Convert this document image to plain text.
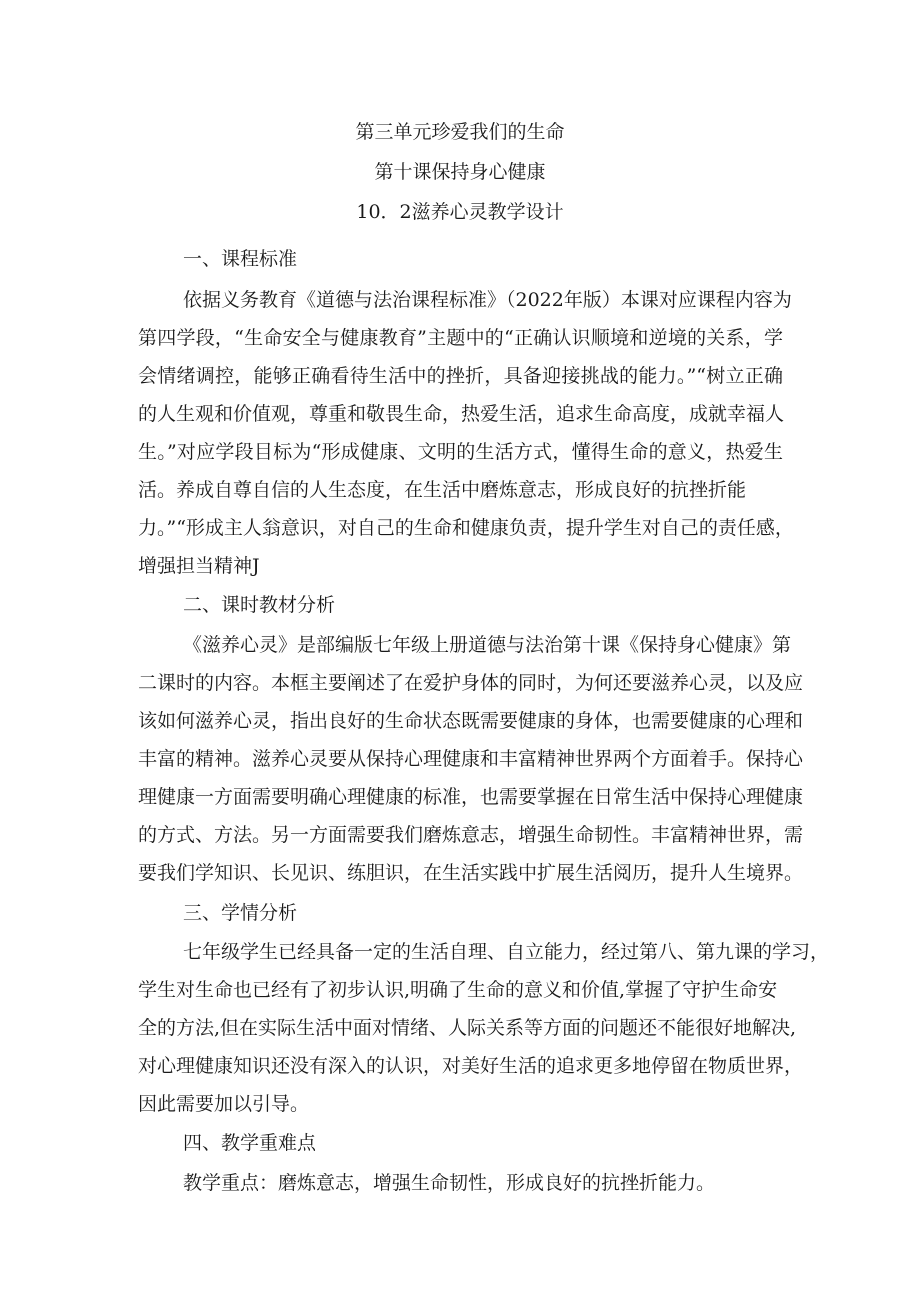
第三单元珍爱我们的生命
第十课保持身心健康
10．2滋养心灵教学设计
一、课程标准
依据义务教育《道德与法治课程标准》（2022年版）本课对应课程内容为
第四学段，“生命安全与健康教育”主题中的“正确认识顺境和逆境的关系，学
会情绪调控，能够正确看待生活中的挫折，具备迎接挑战的能力。”“树立正确
的人生观和价值观，尊重和敬畏生命，热爱生活，追求生命高度，成就幸福人
生。”对应学段目标为“形成健康、文明的生活方式，懂得生命的意义，热爱生
活。养成自尊自信的人生态度，在生活中磨炼意志，形成良好的抗挫折能
力。”“形成主人翁意识，对自己的生命和健康负责，提升学生对自己的责任感，
增强担当精神J
二、课时教材分析
《滋养心灵》是部编版七年级上册道德与法治第十课《保持身心健康》第
二课时的内容。本框主要阐述了在爱护身体的同时，为何还要滋养心灵，以及应
该如何滋养心灵，指出良好的生命状态既需要健康的身体，也需要健康的心理和
丰富的精神。滋养心灵要从保持心理健康和丰富精神世界两个方面着手。保持心
理健康一方面需要明确心理健康的标准，也需要掌握在日常生活中保持心理健康
的方式、方法。另一方面需要我们磨炼意志，增强生命韧性。丰富精神世界，需
要我们学知识、长见识、练胆识，在生活实践中扩展生活阅历，提升人生境界。
三、学情分析
七年级学生已经具备一定的生活自理、自立能力，经过第八、第九课的学习，
学生对生命也已经有了初步认识,明确了生命的意义和价值,掌握了守护生命安
全的方法,但在实际生活中面对情绪、人际关系等方面的问题还不能很好地解决,
对心理健康知识还没有深入的认识，对美好生活的追求更多地停留在物质世界，
因此需要加以引导。
四、教学重难点
教学重点：磨炼意志，增强生命韧性，形成良好的抗挫折能力。
